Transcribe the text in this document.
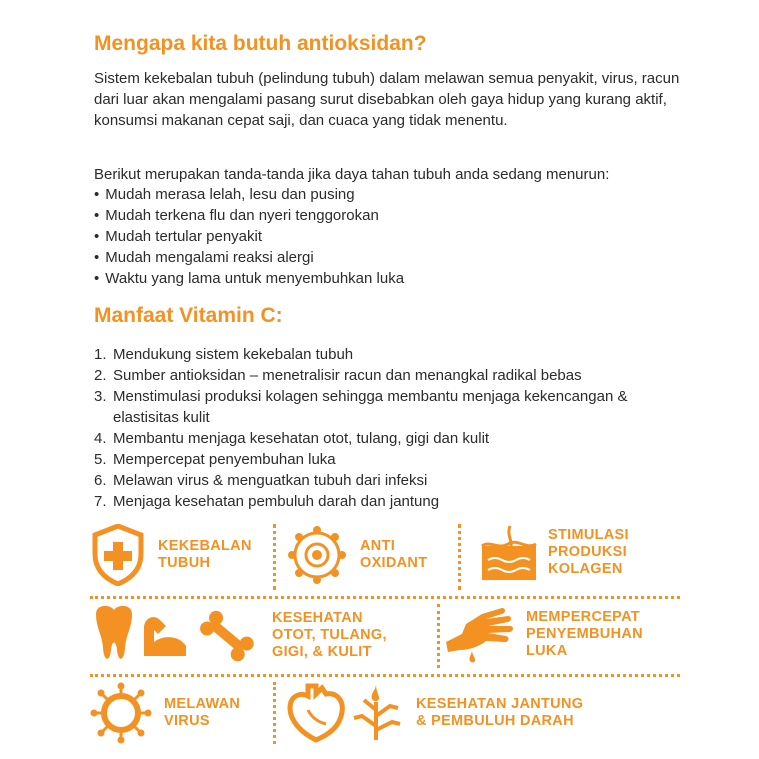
Mengapa kita butuh antioksidan?

Sistem kekebalan tubuh (pelindung tubuh) dalam melawan semua penyakit, virus, racun dari luar akan mengalami pasang surut disebabkan oleh gaya hidup yang kurang aktif, konsumsi makanan cepat saji, dan cuaca yang tidak menentu.

Berikut merupakan tanda-tanda jika daya tahan tubuh anda sedang menurun:

• Mudah merasa lelah, lesu dan pusing
• Mudah terkena flu dan nyeri tenggorokan
• Mudah tertular penyakit
• Mudah mengalami reaksi alergi
• Waktu yang lama untuk menyembuhkan luka
Manfaat Vitamin C:
1. Mendukung sistem kekebalan tubuh
2. Sumber antioksidan – menetralisir racun dan menangkal radikal bebas
3. Menstimulasi produksi kolagen sehingga membantu menjaga kekencangan & elastisitas kulit
4. Membantu menjaga kesehatan otot, tulang, gigi dan kulit
5. Mempercepat penyembuhan luka
6. Melawan virus & menguatkan tubuh dari infeksi
7. Menjaga kesehatan pembuluh darah dan jantung
KEKEBALAN
TUBUH
ANTI
OXIDANT
STIMULASI
PRODUKSI
KOLAGEN
KESEHATAN
OTOT, TULANG,
GIGI, & KULIT
MEMPERCEPAT
PENYEMBUHAN
LUKA
MELAWAN
VIRUS
KESEHATAN JANTUNG
& PEMBULUH DARAH
